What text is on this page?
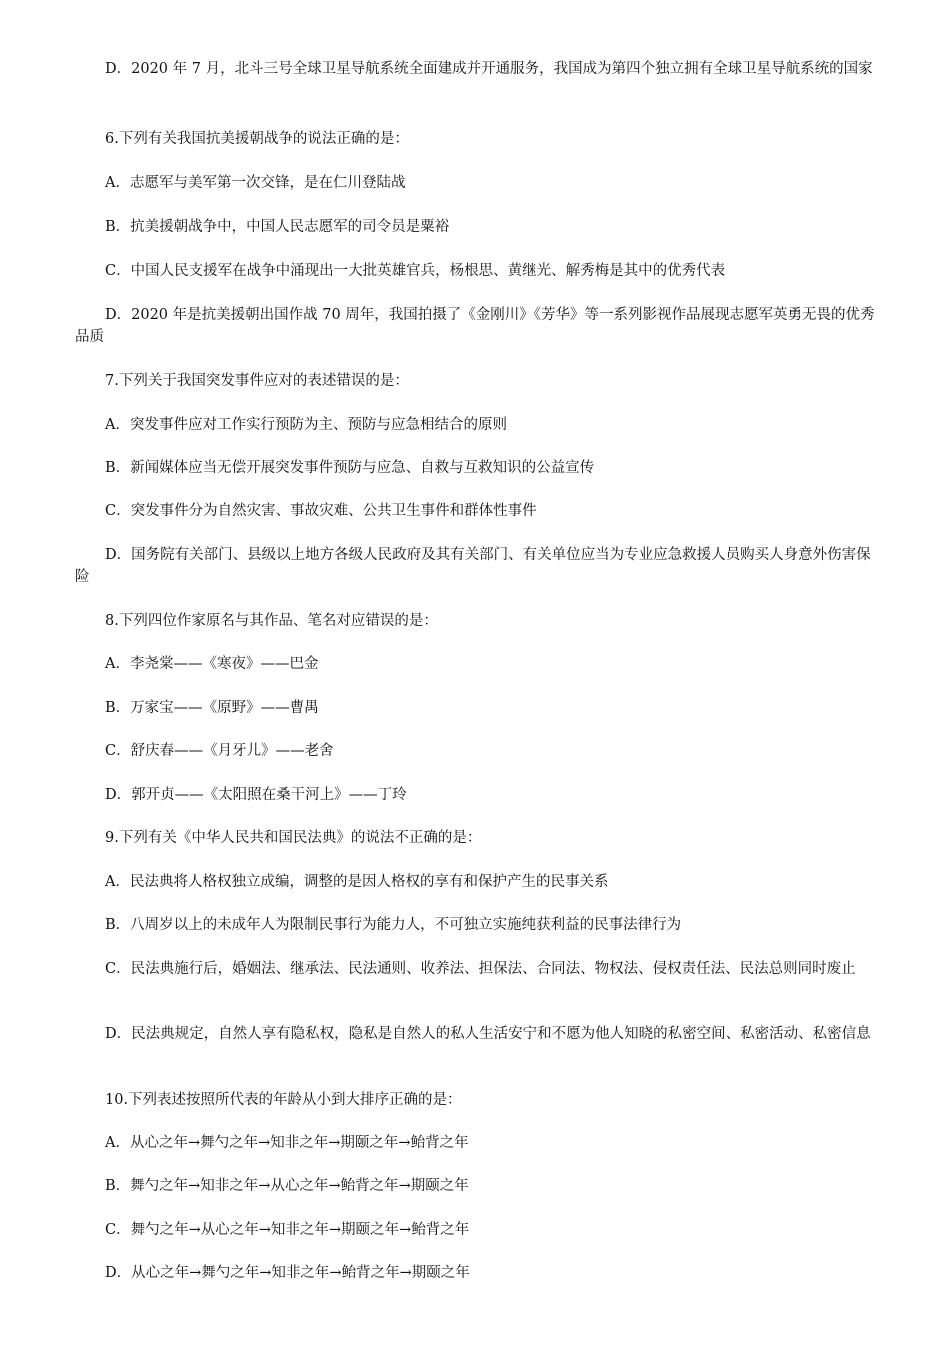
D．2020 年 7 月，北斗三号全球卫星导航系统全面建成并开通服务，我国成为第四个独立拥有全球卫星导航系统的国家

6.下列有关我国抗美援朝战争的说法正确的是：

A．志愿军与美军第一次交锋，是在仁川登陆战

B．抗美援朝战争中，中国人民志愿军的司令员是粟裕

C．中国人民支援军在战争中涌现出一大批英雄官兵，杨根思、黄继光、解秀梅是其中的优秀代表

D．2020 年是抗美援朝出国作战 70 周年，我国拍摄了《金刚川》《芳华》等一系列影视作品展现志愿军英勇无畏的优秀品质

7.下列关于我国突发事件应对的表述错误的是：

A．突发事件应对工作实行预防为主、预防与应急相结合的原则

B．新闻媒体应当无偿开展突发事件预防与应急、自救与互救知识的公益宣传

C．突发事件分为自然灾害、事故灾难、公共卫生事件和群体性事件

D．国务院有关部门、县级以上地方各级人民政府及其有关部门、有关单位应当为专业应急救援人员购买人身意外伤害保险

8.下列四位作家原名与其作品、笔名对应错误的是：

A．李尧棠——《寒夜》——巴金

B．万家宝——《原野》——曹禺

C．舒庆春——《月牙儿》——老舍

D．郭开贞——《太阳照在桑干河上》——丁玲

9.下列有关《中华人民共和国民法典》的说法不正确的是：

A．民法典将人格权独立成编，调整的是因人格权的享有和保护产生的民事关系

B．八周岁以上的未成年人为限制民事行为能力人，不可独立实施纯获利益的民事法律行为

C．民法典施行后，婚姻法、继承法、民法通则、收养法、担保法、合同法、物权法、侵权责任法、民法总则同时废止

D．民法典规定，自然人享有隐私权，隐私是自然人的私人生活安宁和不愿为他人知晓的私密空间、私密活动、私密信息

10.下列表述按照所代表的年龄从小到大排序正确的是：

A．从心之年→舞勺之年→知非之年→期颐之年→鲐背之年

B．舞勺之年→知非之年→从心之年→鲐背之年→期颐之年

C．舞勺之年→从心之年→知非之年→期颐之年→鲐背之年

D．从心之年→舞勺之年→知非之年→鲐背之年→期颐之年
